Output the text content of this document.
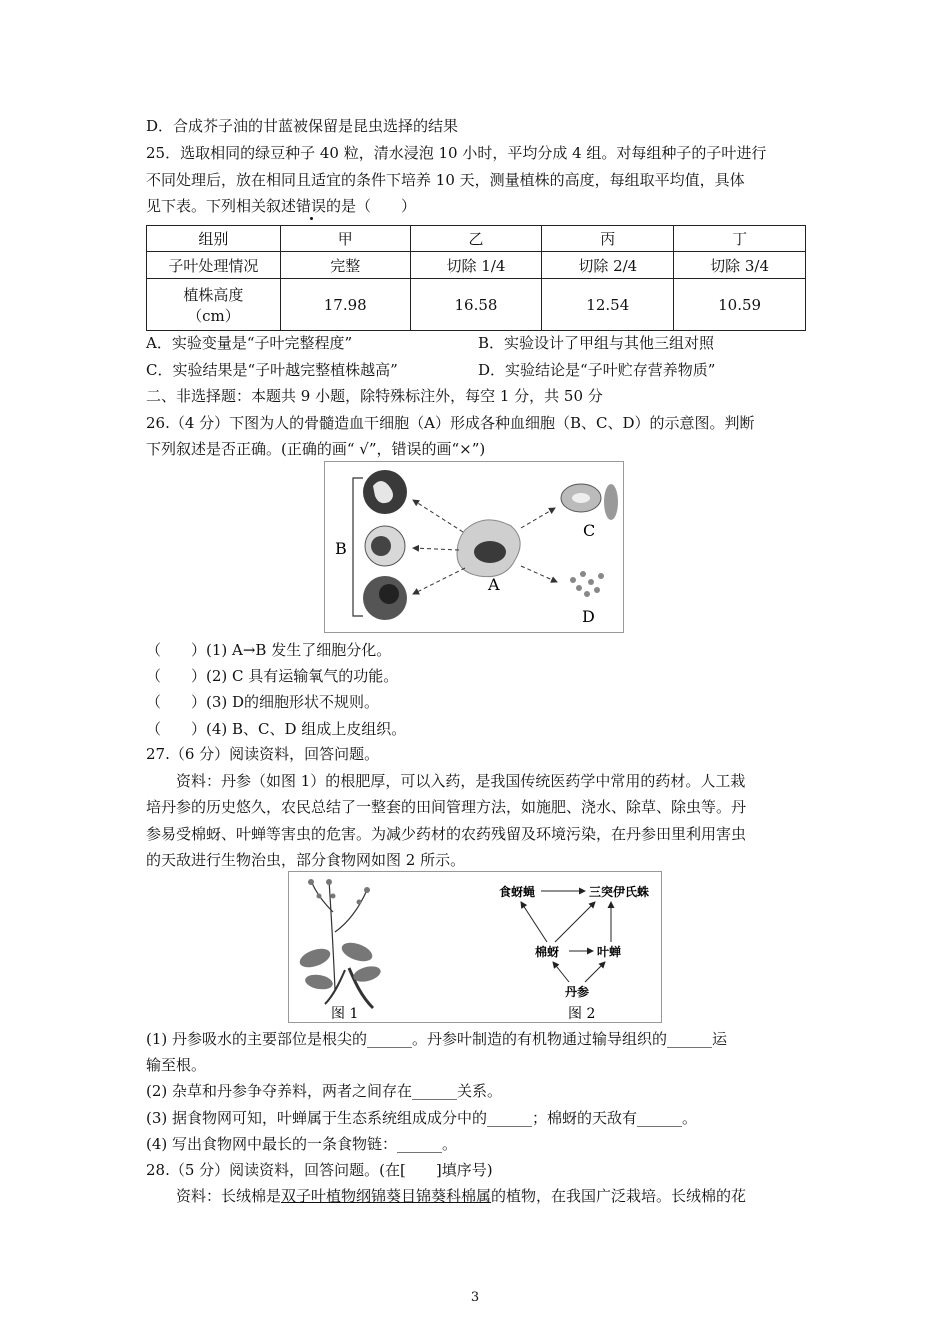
D．合成芥子油的甘蓝被保留是昆虫选择的结果
25．选取相同的绿豆种子 40 粒，清水浸泡 10 小时，平均分成 4 组。对每组种子的子叶进行
不同处理后，放在相同且适宜的条件下培养 10 天，测量植株的高度，每组取平均值，具体
见下表。下列相关叙述错误的是（　　）
组别	甲	乙	丙	丁
子叶处理情况	完整	切除 1/4	切除 2/4	切除 3/4

植株高度
（cm）	17.98	16.58	12.54	10.59
A．实验变量是“子叶完整程度”	B．实验设计了甲组与其他三组对照
C．实验结果是“子叶越完整植株越高”	D．实验结论是“子叶贮存营养物质”
二、非选择题：本题共 9 小题，除特殊标注外，每空 1 分，共 50 分
26.（4 分）下图为人的骨髓造血干细胞（A）形成各种血细胞（B、C、D）的示意图。判断
下列叙述是否正确。(正确的画“ √”，错误的画“×”)
B
A
C
D
（　　）(1) A→B 发生了细胞分化。
（　　）(2) C 具有运输氧气的功能。
（　　）(3) D的细胞形状不规则。
（　　）(4) B、C、D 组成上皮组织。
27.（6 分）阅读资料，回答问题。
资料：丹参（如图 1）的根肥厚，可以入药，是我国传统医药学中常用的药材。人工栽
培丹参的历史悠久，农民总结了一整套的田间管理方法，如施肥、浇水、除草、除虫等。丹
参易受棉蚜、叶蝉等害虫的危害。为减少药材的农药残留及环境污染，在丹参田里利用害虫
的天敌进行生物治虫，部分食物网如图 2 所示。
图 1
食蚜蝇	三突伊氏蛛
棉蚜	叶蝉
丹参
图 2
(1) 丹参吸水的主要部位是根尖的______。丹参叶制造的有机物通过输导组织的______运
输至根。
(2) 杂草和丹参争夺养料，两者之间存在______关系。
(3) 据食物网可知，叶蝉属于生态系统组成成分中的______；棉蚜的天敌有______。
(4) 写出食物网中最长的一条食物链：______。
28.（5 分）阅读资料，回答问题。(在[　　]填序号)
资料：长绒棉是双子叶植物纲锦葵目锦葵科棉属的植物，在我国广泛栽培。长绒棉的花
3
